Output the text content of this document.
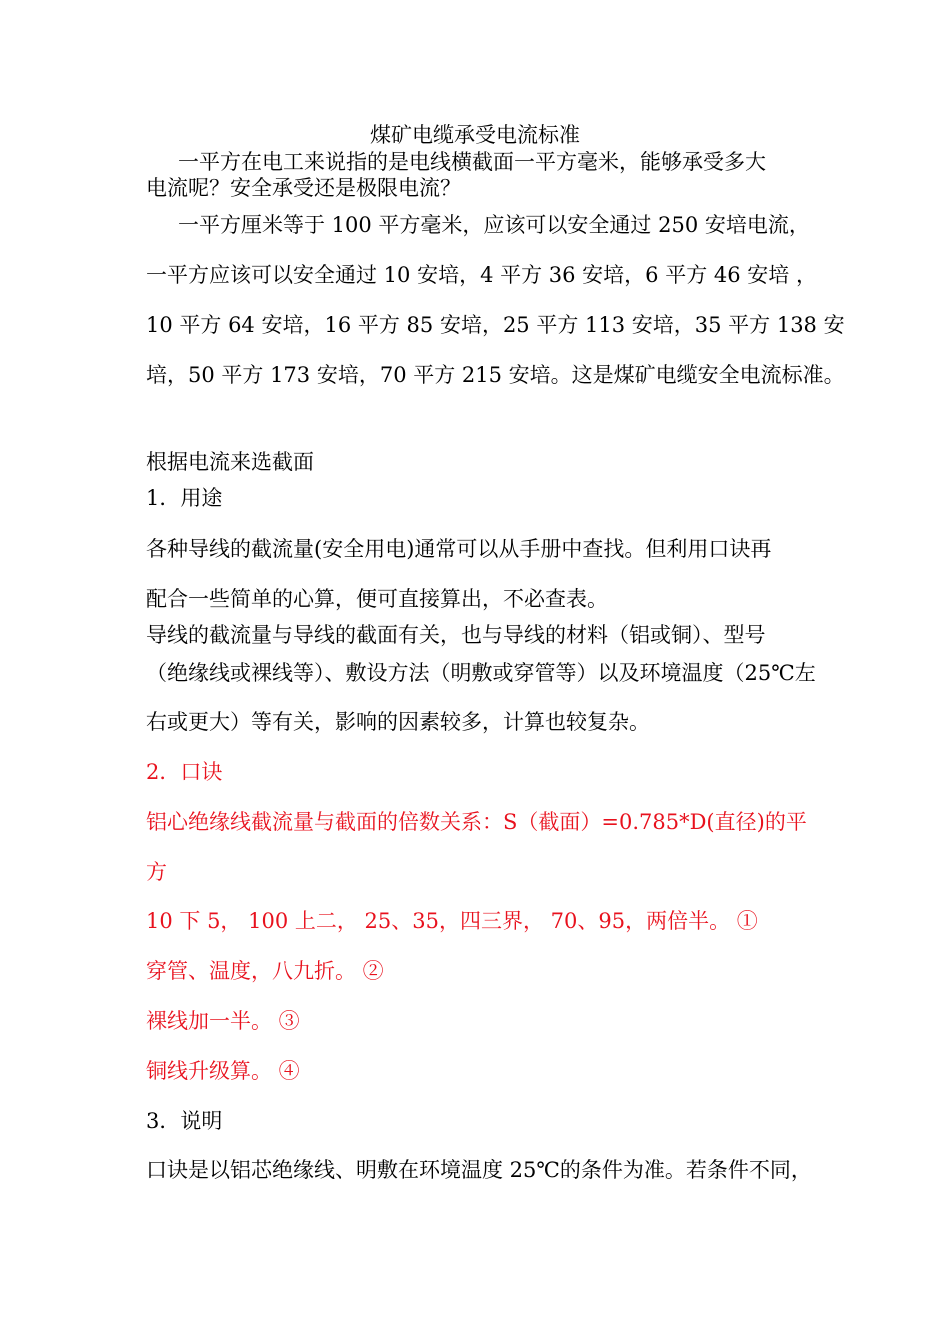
煤矿电缆承受电流标准
一平方在电工来说指的是电线横截面一平方毫米，能够承受多大
电流呢？安全承受还是极限电流？
一平方厘米等于 100 平方毫米，应该可以安全通过 250 安培电流，
一平方应该可以安全通过 10 安培，4 平方 36 安培，6 平方 46 安培 ，
10 平方 64 安培，16 平方 85 安培，25 平方 113 安培，35 平方 138 安
培，50 平方 173 安培，70 平方 215 安培。这是煤矿电缆安全电流标准。
根据电流来选截面
1．用途
各种导线的截流量(安全用电)通常可以从手册中查找。但利用口诀再
配合一些简单的心算，便可直接算出，不必查表。
导线的截流量与导线的截面有关，也与导线的材料（铝或铜）、型号
（绝缘线或裸线等）、敷设方法（明敷或穿管等）以及环境温度（25℃左
右或更大）等有关，影响的因素较多，计算也较复杂。
2．口诀
铝心绝缘线截流量与截面的倍数关系：S（截面）=0.785*D(直径)的平
方
10 下 5， 100 上二， 25、35，四三界， 70、95，两倍半。 ①
穿管、温度，八九折。 ②
裸线加一半。 ③
铜线升级算。 ④
3．说明
口诀是以铝芯绝缘线、明敷在环境温度 25℃的条件为准。若条件不同，
